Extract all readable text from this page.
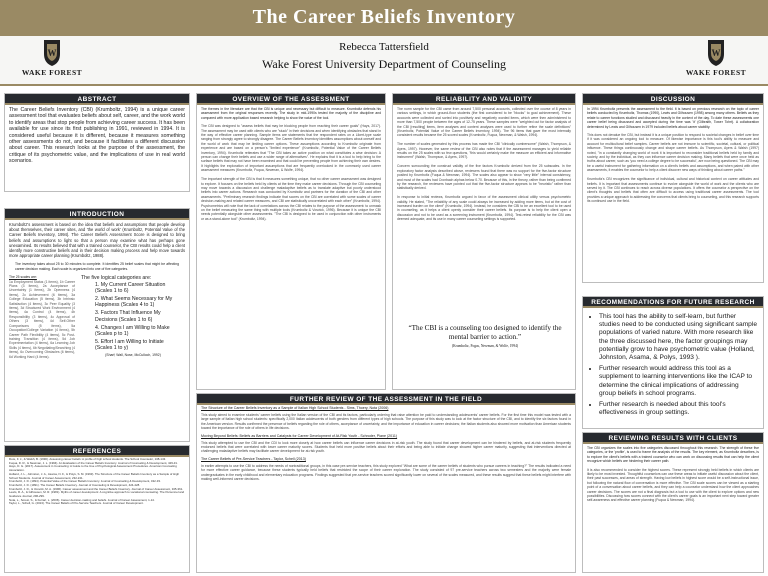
The Career Beliefs Inventory
Rebecca Tattersfield
Wake Forest University Department of Counseling
W
WAKE FOREST
W
WAKE FOREST
ABSTRACT
The Career Beliefs Inventory (CBI) (Krumboltz, 1994) is a unique career assessment tool that evaluates beliefs about self, career, and the work world to identify areas that stop people from achieving career success. It has been available for use since its first publishing in 1991, reviewed in 1994. It is considered useful because it is different, because it measures something other assessments do not, and because it facilitates a different discussion about career. This research looks at the purpose of the assessment, the critique of its psychometric value, and the implications of use in real world scenarios.
INTRODUCTION
Krumboltz's assessment is based on the idea that beliefs and assumptions that people develop about themselves, their career sites, and 'the world of work' (Krumboltz, Potential Value of the Career Beliefs Inventory, 1994). The Career Beliefs Assessment Score is designed to bring beliefs and assumptions to light so that a person may examine what has perhaps gone unexamined. Its results believed that with a trained counselor, the CBI results could help a client identify more constructive beliefs and in their decision making process and help move towards more appropriate career planning (Krumboltz, 1988).
The inventory takes about 25 to 30 minutes to complete. It identifies 25 belief scales that might be affecting career decision making. Each scale is organized into one of five categories.
The 25 scales are:
1a Employment Status (1 items), 1b Career Plans (3 items), 2a Acceptance of Uncertainty (1 items), 2b Openness (4 items), 2c Achievement (6 items), 3a College Education (5 items), 3b Intrinsic Satisfaction (4 items), 3c Peer Equality (3 items), 3d Structured Work Environment (4 items), 4a Control (4 items), 4b Responsibility (3 items), 4c Approval of Others (3 items), 4d Self-Other Comparisons (5 items), 5a Occupation/College Variation (4 items), 5b Career Path Flexibility (4 items), 5c Post-training Transition (4 items), 5d Job Experimentation (4 items), 6a Learning Job Skills (4 items), 6b Negotiating/Searching (4 items), 6c Overcoming Obstacles (6 items), 6d Working Hard (4 items).
The five logical categories are:
1. My Current Career Situation (Scales 1 to 6)
2. What Seems Necessary for My Happiness (Scales 4 to 1)
3. Factors That Influence My Decisions (Scales 1 to 6)
4. Changes I am Willing to Make (Scales p to 1)
5. Effort I am Willing to Initiate (Scales 1 to y)
(Sharf; Wall, Nose, McCulloch, 1992)
REFERENCES
Dore, F. J., & Walsh, B. (1990). Assessing career beliefs: A profile of high school students. The School Counselor, 138-143.
Fuqua, D. R., & Newman, J. L. (1994). An Evaluation of the Career Beliefs Inventory. Journal of Counseling & Development, 429-31.
Hays, D. G. (2017). Assessment in Counseling: A Guide to the Use of Psychological Assessment Procedures. American Counseling Association.
Holland, J. L., Johnston, J. A., Asama, N. F., & Polys, S. M. (1993). The Structure of the Career Beliefs Inventory as a Sample of High School Students. Journal of Career Assessment, 232-241.
Krumboltz, J. D. (1994). Potential Value of the Career Beliefs Inventory. Journal of Counseling & Development, 432-33.
Krumboltz, J. D. (1991). The Career Beliefs Inventory. Journal of Counseling & Development, 424-428.
Krumboltz, J. D., & Vosvick, M. A. (1996). Career assessment and the Career Beliefs Inventory. Journal of Career Assessment, 345-361.
Lewis, R. A., & Gilhousen, M. R. (1981). Myths of career development: A cognitive approach to vocational counseling. The Personnel and Guidance Journal, 296-299.
Nota, L., Soresi, S., & Ferrari, L. (2006). Career decision-making and beliefs. Journal of Career Assessment, 1-14.
Taylor, L., Schell, G. (2013). The Career Beliefs of Pre-Service Teachers. Journal of Career Development.
OVERVIEW OF THE ASSESSMENT
The themes in the literature are that the CBI is unique and necessary but difficult to measure. Krumboltz defends his assessment from the original responses recently. The study in mid-1990s tested the majority of the discipline and compared with more application based research helping to show the value of the tool.
The CBI was designed to "assess beliefs that may be blocking people from reaching their career goals" (Hays, 2017). The assessment may be used with clients who are "stuck" in their decisions and when identifying obstacles that stand in the way of effective career planning. Sample items are statements that the respondent rates on a Likert-type scale ranging from strongly agree to strongly disagree. The Career Beliefs Inventory identifies assumptions about oneself and the world of work that may be limiting career options. These assumptions according to Krumboltz originate from experience and are based on a person's "limited experience" (Krumboltz, Potential Value of the Career Beliefs Inventory, 1994). Krumboltz reiterates that "The CBI takes an active position on what constitutes a wise decision: A person can change their beliefs and use a wider range of alternatives". He explains that it is a tool to help bring to the surface beliefs that may not have been examined and that could be preventing people from achieving their own desires. It highlights the exploration of important assumptions that are frequently overlooked in the commonly used career assessment measures (Krumboltz, Fuqua, Newman, & Wolfe, 1994).

The important strength of the CBI is that it measures something unique, that no other career assessment was designed to explore. It focuses on the beliefs held by clients at the time they make career decisions. Through the CBI counseling may move towards a discussion and challenge maladaptive beliefs as to translate adaptive but poorly understood beliefs into career actions. Research was conducted by Krumboltz and partners for the duration of the CBI and other assessments. "Preliminary research findings indicate that scores on the CBI are correlated with some scales of career decision-making and related career measures, and CBI are statistically uncorrelated with each other" (Krumboltz, 1994). Psychometrics will note that the lack of correlations across the CBI relates to the purpose of the assessment: to unmask on the belief measuring the same thing with multiple tools (Krumboltz & Vosvick, 1996). Because it is unique the CBI needs potentially alongside other assessments. "The CBI is designed to be used in conjunction with other instruments or as a stand-alone tool" (Krumboltz, 1994).
FURTHER REVIEW OF THE ASSESSMENT IN THE FIELD
The Structure of the Career Beliefs Inventory as a Sample of Italian High School Students - Sims, Thoery, Nota (2006)
This study aimed to examine students' career beliefs using the Italian version of the CBI and its factors, particularly ordering that raise attention be paid to understanding adolescents' career beliefs. For the first time this model was tested with a large sample of Italian high school students: specifically 2,000 Italian adolescents of both genders from different types of high schools. The purpose of this study was to look at the factor structure of the CBI, and to identify the six factors found in the American version. Results confirmed the presence of beliefs regarding the role of others, acceptance of uncertainty, and the importance of education in career decisions; the Italian students also showed more motivation than American students toward the importance of the role of others in life decisions.
Moving Beyond Beliefs: Beliefs as Barriers and Catalysts for Career Development of At-Risk Youth - Schroder, Piane (2011)
This study attempted to use the CBI and the CDI to look more closely at how career beliefs can influence career decisions in at-risk youth. The study found that career development can be hindered by beliefs, and at-risk students frequently endorsed beliefs that were correlated with lower career maturity scores. Students that held more positive beliefs about their efforts and being able to initiate change showed higher career maturity, suggesting that interventions directed at challenging maladaptive beliefs may facilitate career development for at-risk youth.
The Career Beliefs of Pre-Service Teachers - Taylor, Schell (2013)
In earlier attempts to use the CBI to address the needs of nontraditional groups, in this case pre-service teachers, this study explored "What are some of the career beliefs of students who pursue careers in teaching?" The results indicated a need for more effective career guidance, because these students typically held beliefs that restricted the scope of their career exploration. The study consisted of 97 pre-service teachers across two semesters and the majority were female undergraduates in the early childhood and elementary education programs. Findings suggested that pre-service teachers scored significantly lower on several of the scales measured, and these results suggest that these beliefs might interfere with making well-informed career decisions.
RELIABILITY AND VALIDITY
The norm sample for the CBI came from around 7,500 personal accounts, collected over the course of 8 years in various settings, in which ground-floor students (the first considered to be "blocks" to goal achievement). These accounts were collected and sorted into positively and negatively worded items, which were then administered to more than 7,500 people between the ages of 12-75 years. These samples were "weighted out for factor analysis of the CBI [resulting] items, item analyses and content analyses were used to further refine the scale definitions" (Krumboltz, Potential Value of the Career Beliefs Inventory, 1994). The 96 items that gave the most internally consistent results became the 25 scored scales (Krumboltz, Fuqua, Newman, & Walsh, 1994).

The number of scales generated by this process has made the CBI "clinically cumbersome" (Walsh, Thompson, & Ayers, 1997). However, the same review of the CBI also notes that if the assessment manages to yield reliable results on the 25 scales with so few questions, "this would certainly make the measure an efficient and informative instrument" (Walsh, Thompson, & Ayers, 1997).

Concern surrounding the construct validity of the five factors Krumboltz derived from the 25 subscales. In the exploratory factor analysis described above, reviewers found that there was no support for the five-factor structure posited by Krumboltz (Fuqua & Newman, 1994). The scales also appear to show "very little" internal consistency, and most of the scales had Cronbach alphas below 0.70. Because of this, in the theory, rather than being confirmed by the research, the reviewers have pointed out that the five-factor structure appears to be "heuristic" rather than statistically derived.

In response to initial reviews, Krumboltz argued in favor of the assessment clinical utility versus psychometric validity. He stated, "The reliability of any scale could always be increased by adding more items, but at the cost of increased burden on the client" (Krumboltz, 1994). Instead, he considers the CBI to be an excellent tool to be used in counseling, as it helps a client openly consider their career beliefs. Its purpose is to help the client open a discussion and not to be used as a screening instrument (Krumboltz, 1994). Test-retest reliability for the CBI was deemed adequate, and its use in many career counseling settings is supported.
“The CBI is a counseling too designed to identify the mental barrier to action.”
(Krumboltz, Fogas, Newman, & Wolfe, 1994)
DISCUSSION
In 1994 Krumboltz presents the assessment to the field. It is based on previous research on the topic of career beliefs conducted by Krumboltz, Thomas (1990), Lewis and Gilhousen (1998) among many others. Beliefs as they relate to career functions studied and discussed heavily in the context of the day. To date these assessments one career belief being discussed and accepted during the time was 'it' (Gilbraith, Tower Tohrt). A collaboration determined by Lewis and Gilhousen in 1979 included beliefs about career stability.
This does not devalue the CBI, but instead it is a unique position to respond to societal changes in belief over time if it was considered an ongoing tool to measure. Of likewise importance is this tool's ability to measure and account for multicultural belief samples. Career beliefs are not immune to scientific, societal, cultural, or political influence. These things continuously change and shape career beliefs. As Thompson, Ayers & Walsh (1997) noted, "in a constantly changing world of work it is important to reconsider traditional beliefs held by family and society, and by the individual, as they can influence career decision making. Many beliefs that were once held as truths about career, such as 'you need a college degree to be successful', are now being questioned. The CBI may be a useful instrument for gathering information on a client's beliefs and assumptions, and when paired with other assessments, it enables the counselor to help a client discover new ways of thinking about career paths."

Krumboltz's CBI recognizes the significance of individual, cultural and historical context on career attitudes and beliefs. It is important that assessments continue to evolve alongside the world of work and the clients who are served by it. The CBI continues to reach across diverse populations. It offers the counselor a perspective on the client's thoughts and beliefs that often are difficult to access using traditional career assessments. The tool provides a unique approach to addressing the concerns that clients bring to counseling, and this research supports its continued use in the field.
RECOMMENDATIONS FOR FUTURE RESEARCH
• This tool has the ability to self-learn, but further studies need to be conducted using significant sample populations of varied nature. With more research like the three discussed here, the factor groupings may potentially grow to have psychometric value (Holland, Johnston, Asama, & Polys, 1993 ).
• Further research would address this tool as a supplement to learning interventions like the ICAP to determine the clinical implications of addressing group beliefs in school programs.
• Further research is needed about this tool's effectiveness in group settings.
REVIEWING RESULTS WITH CLIENTS
The CBI organizes the scales into five categories discussed throughout this research. The strength of these five categories, or the 'profile', is used to frame the analysis of the results. The key element, as Krumboltz describes, is to explore the client's beliefs with a trained counselor who can work on discussing results that can help the client recognize which beliefs are hindering their career path.
It is also recommended to consider the highest scores. These represent strongly held beliefs in which clients are likely to be most invested. Thoughtful counselors can use these areas to initiate useful discussion about the client, their past successes, and areas of strength. Having low beliefs in highest score would be a self-instructional issue, but following the natural flow of conversation is more effective. The CBI scale scores can be viewed as a starting point of a conversation about career beliefs, and they can help a counselor understand how the client approaches career decisions. The scores are not a final diagnosis but a tool to use with the client to explore options and new possibilities. Discussing how scores connect with the client's career goals is an important next step toward greater self-awareness and effective career planning (Fuqua & Newman, 1994).
